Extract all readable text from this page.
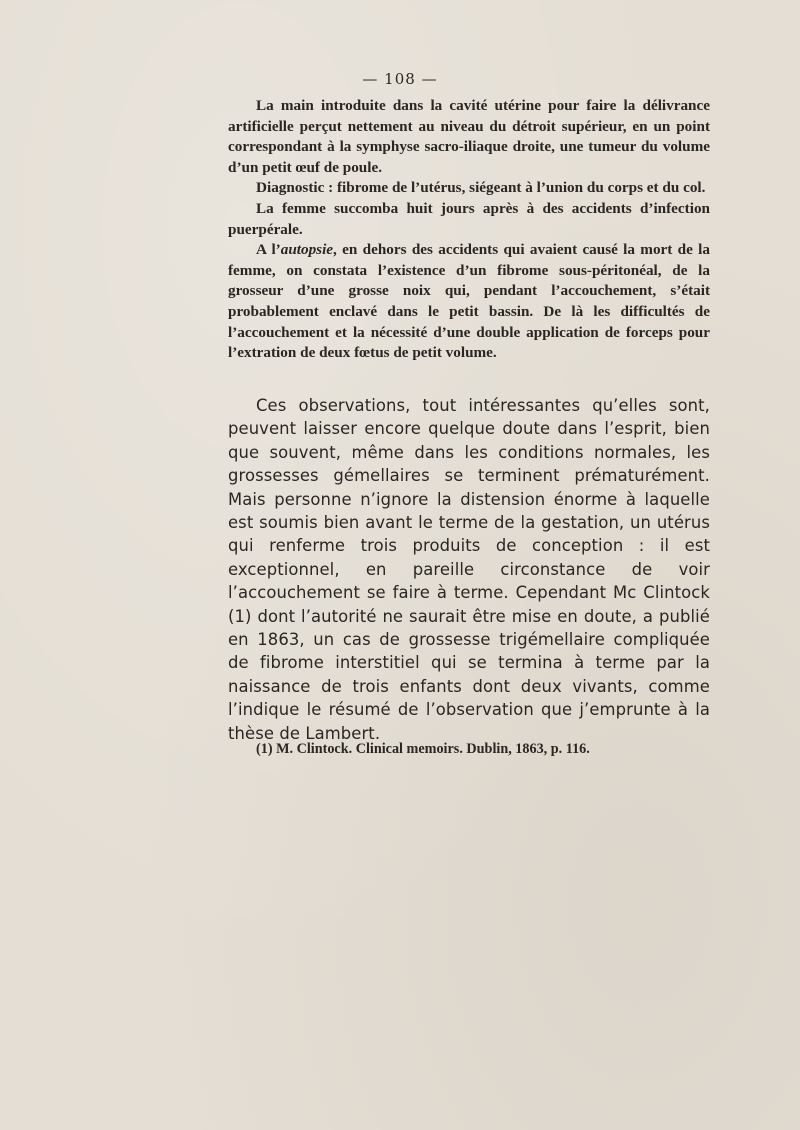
— 108 —

La main introduite dans la cavité utérine pour faire la délivrance artificielle perçut nettement au niveau du détroit supérieur, en un point correspondant à la symphyse sacro-iliaque droite, une tumeur du volume d’un petit œuf de poule.

Diagnostic : fibrome de l’utérus, siégeant à l’union du corps et du col.

La femme succomba huit jours après à des accidents d’infection puerpérale.

A l’autopsie, en dehors des accidents qui avaient causé la mort de la femme, on constata l’existence d’un fibrome sous-péritonéal, de la grosseur d’une grosse noix qui, pendant l’accouchement, s’était probablement enclavé dans le petit bassin. De là les difficultés de l’accouchement et la nécessité d’une double application de forceps pour l’extration de deux fœtus de petit volume.

Ces observations, tout intéressantes qu’elles sont, peuvent laisser encore quelque doute dans l’esprit, bien que souvent, même dans les conditions normales, les grossesses gémellaires se terminent prématurément. Mais personne n’ignore la distension énorme à laquelle est soumis bien avant le terme de la gestation, un utérus qui renferme trois produits de conception : il est exceptionnel, en pareille circonstance de voir l’accouchement se faire à terme. Cependant Mc Clintock (1) dont l’autorité ne saurait être mise en doute, a publié en 1863, un cas de grossesse trigémellaire compliquée de fibrome interstitiel qui se termina à terme par la naissance de trois enfants dont deux vivants, comme l’indique le résumé de l’observation que j’emprunte à la thèse de Lambert.

(1) M. Clintock. Clinical memoirs. Dublin, 1863, p. 116.
